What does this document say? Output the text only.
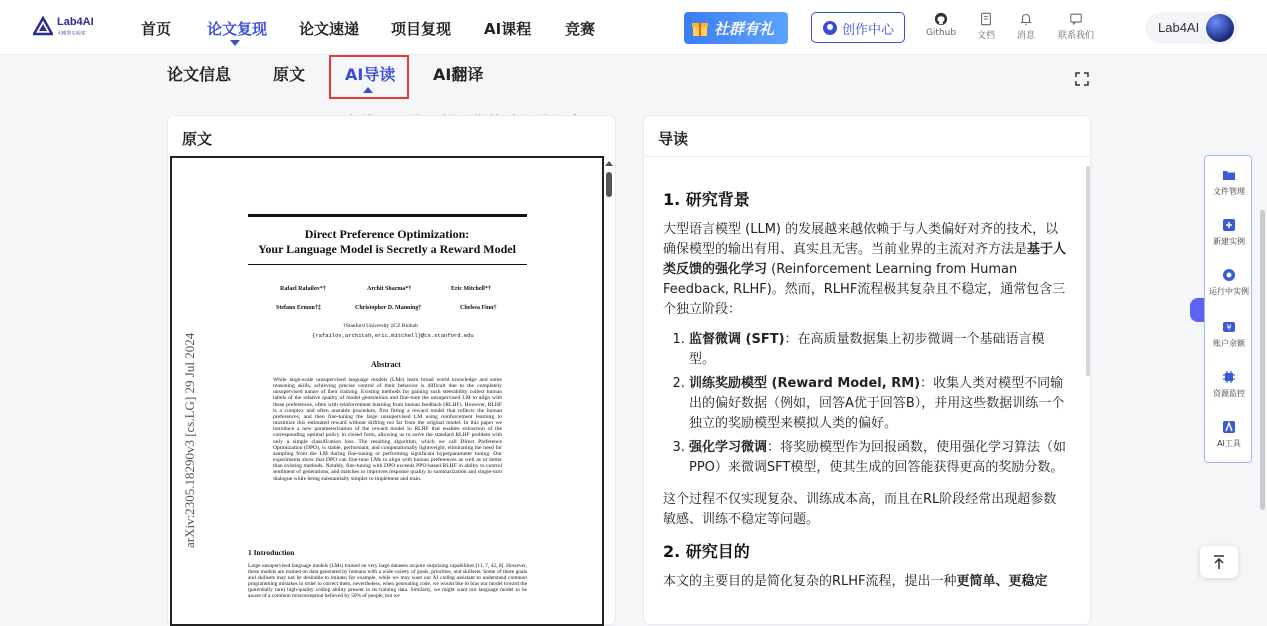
Lab4AI
大模型实验室	首页 论文复现 论文速递 项目复现 AI课程 竞赛	社群有礼	创作中心	Github	文档	消息	联系我们
Lab4AI
论文信息	原文 AI导读 AI翻译
原文
Direct Preference Optimization:
Your Language Model is Secretly a Reward Model
Rafael Rafailov*†	Archit Sharma*†	Eric Mitchell*†
Stefano Ermon†‡	Christopher D. Manning†	Chelsea Finn†
†Stanford University ‡CZ Biohub
{rafailov,architsh,eric.mitchell}@cs.stanford.edu
arXiv:2305.18290v3 [cs.LG] 29 Jul 2024	Abstract
While large-scale unsupervised language models (LMs) learn broad world knowledge and some reasoning skills, achieving precise control of their behavior is difficult due to the completely unsupervised nature of their training. Existing methods for gaining such steerability collect human labels of the relative quality of model generations and fine-tune the unsupervised LM to align with these preferences, often with reinforcement learning from human feedback (RLHF). However, RLHF is a complex and often unstable procedure, first fitting a reward model that reflects the human preferences, and then fine-tuning the large unsupervised LM using reinforcement learning to maximize this estimated reward without drifting too far from the original model. In this paper we introduce a new parameterization of the reward model in RLHF that enables extraction of the corresponding optimal policy in closed form, allowing us to solve the standard RLHF problem with only a simple classification loss. The resulting algorithm, which we call Direct Preference Optimization (DPO), is stable, performant, and computationally lightweight, eliminating the need for sampling from the LM during fine-tuning or performing significant hyperparameter tuning. Our experiments show that DPO can fine-tune LMs to align with human preferences as well as or better than existing methods. Notably, fine-tuning with DPO exceeds PPO-based RLHF in ability to control sentiment of generations, and matches or improves response quality in summarization and single-turn dialogue while being substantially simpler to implement and train.
1 Introduction
Large unsupervised language models (LMs) trained on very large datasets acquire surprising capabilities [11, 7, 42, 8]. However, these models are trained on data generated by humans with a wide variety of goals, priorities, and skillsets. Some of these goals and skillsets may not be desirable to imitate; for example, while we may want our AI coding assistant to understand common programming mistakes in order to correct them, nevertheless, when generating code, we would like to bias our model toward the (potentially rare) high-quality coding ability present in its training data. Similarly, we might want our language model to be aware of a common misconception believed by 50% of people, but we
导读
1. 研究背景

大型语言模型 (LLM) 的发展越来越依赖于与人类偏好对齐的技术，以确保模型的输出有用、真实且无害。当前业界的主流对齐方法是基于人类反馈的强化学习 (Reinforcement Learning from Human Feedback, RLHF)。然而，RLHF流程极其复杂且不稳定，通常包含三个独立阶段：

1. 监督微调 (SFT)：在高质量数据集上初步微调一个基础语言模型。
2. 训练奖励模型 (Reward Model, RM)：收集人类对模型不同输出的偏好数据（例如，回答A优于回答B），并用这些数据训练一个独立的奖励模型来模拟人类的偏好。
3. 强化学习微调：将奖励模型作为回报函数，使用强化学习算法（如PPO）来微调SFT模型，使其生成的回答能获得更高的奖励分数。

这个过程不仅实现复杂、训练成本高，而且在RL阶段经常出现超参数敏感、训练不稳定等问题。

2. 研究目的

本文的主要目的是简化复杂的RLHF流程，提出一种更简单、更稳定

文件管理
新建实例
运行中实例
¥
账户余额
资源监控
AI工具
